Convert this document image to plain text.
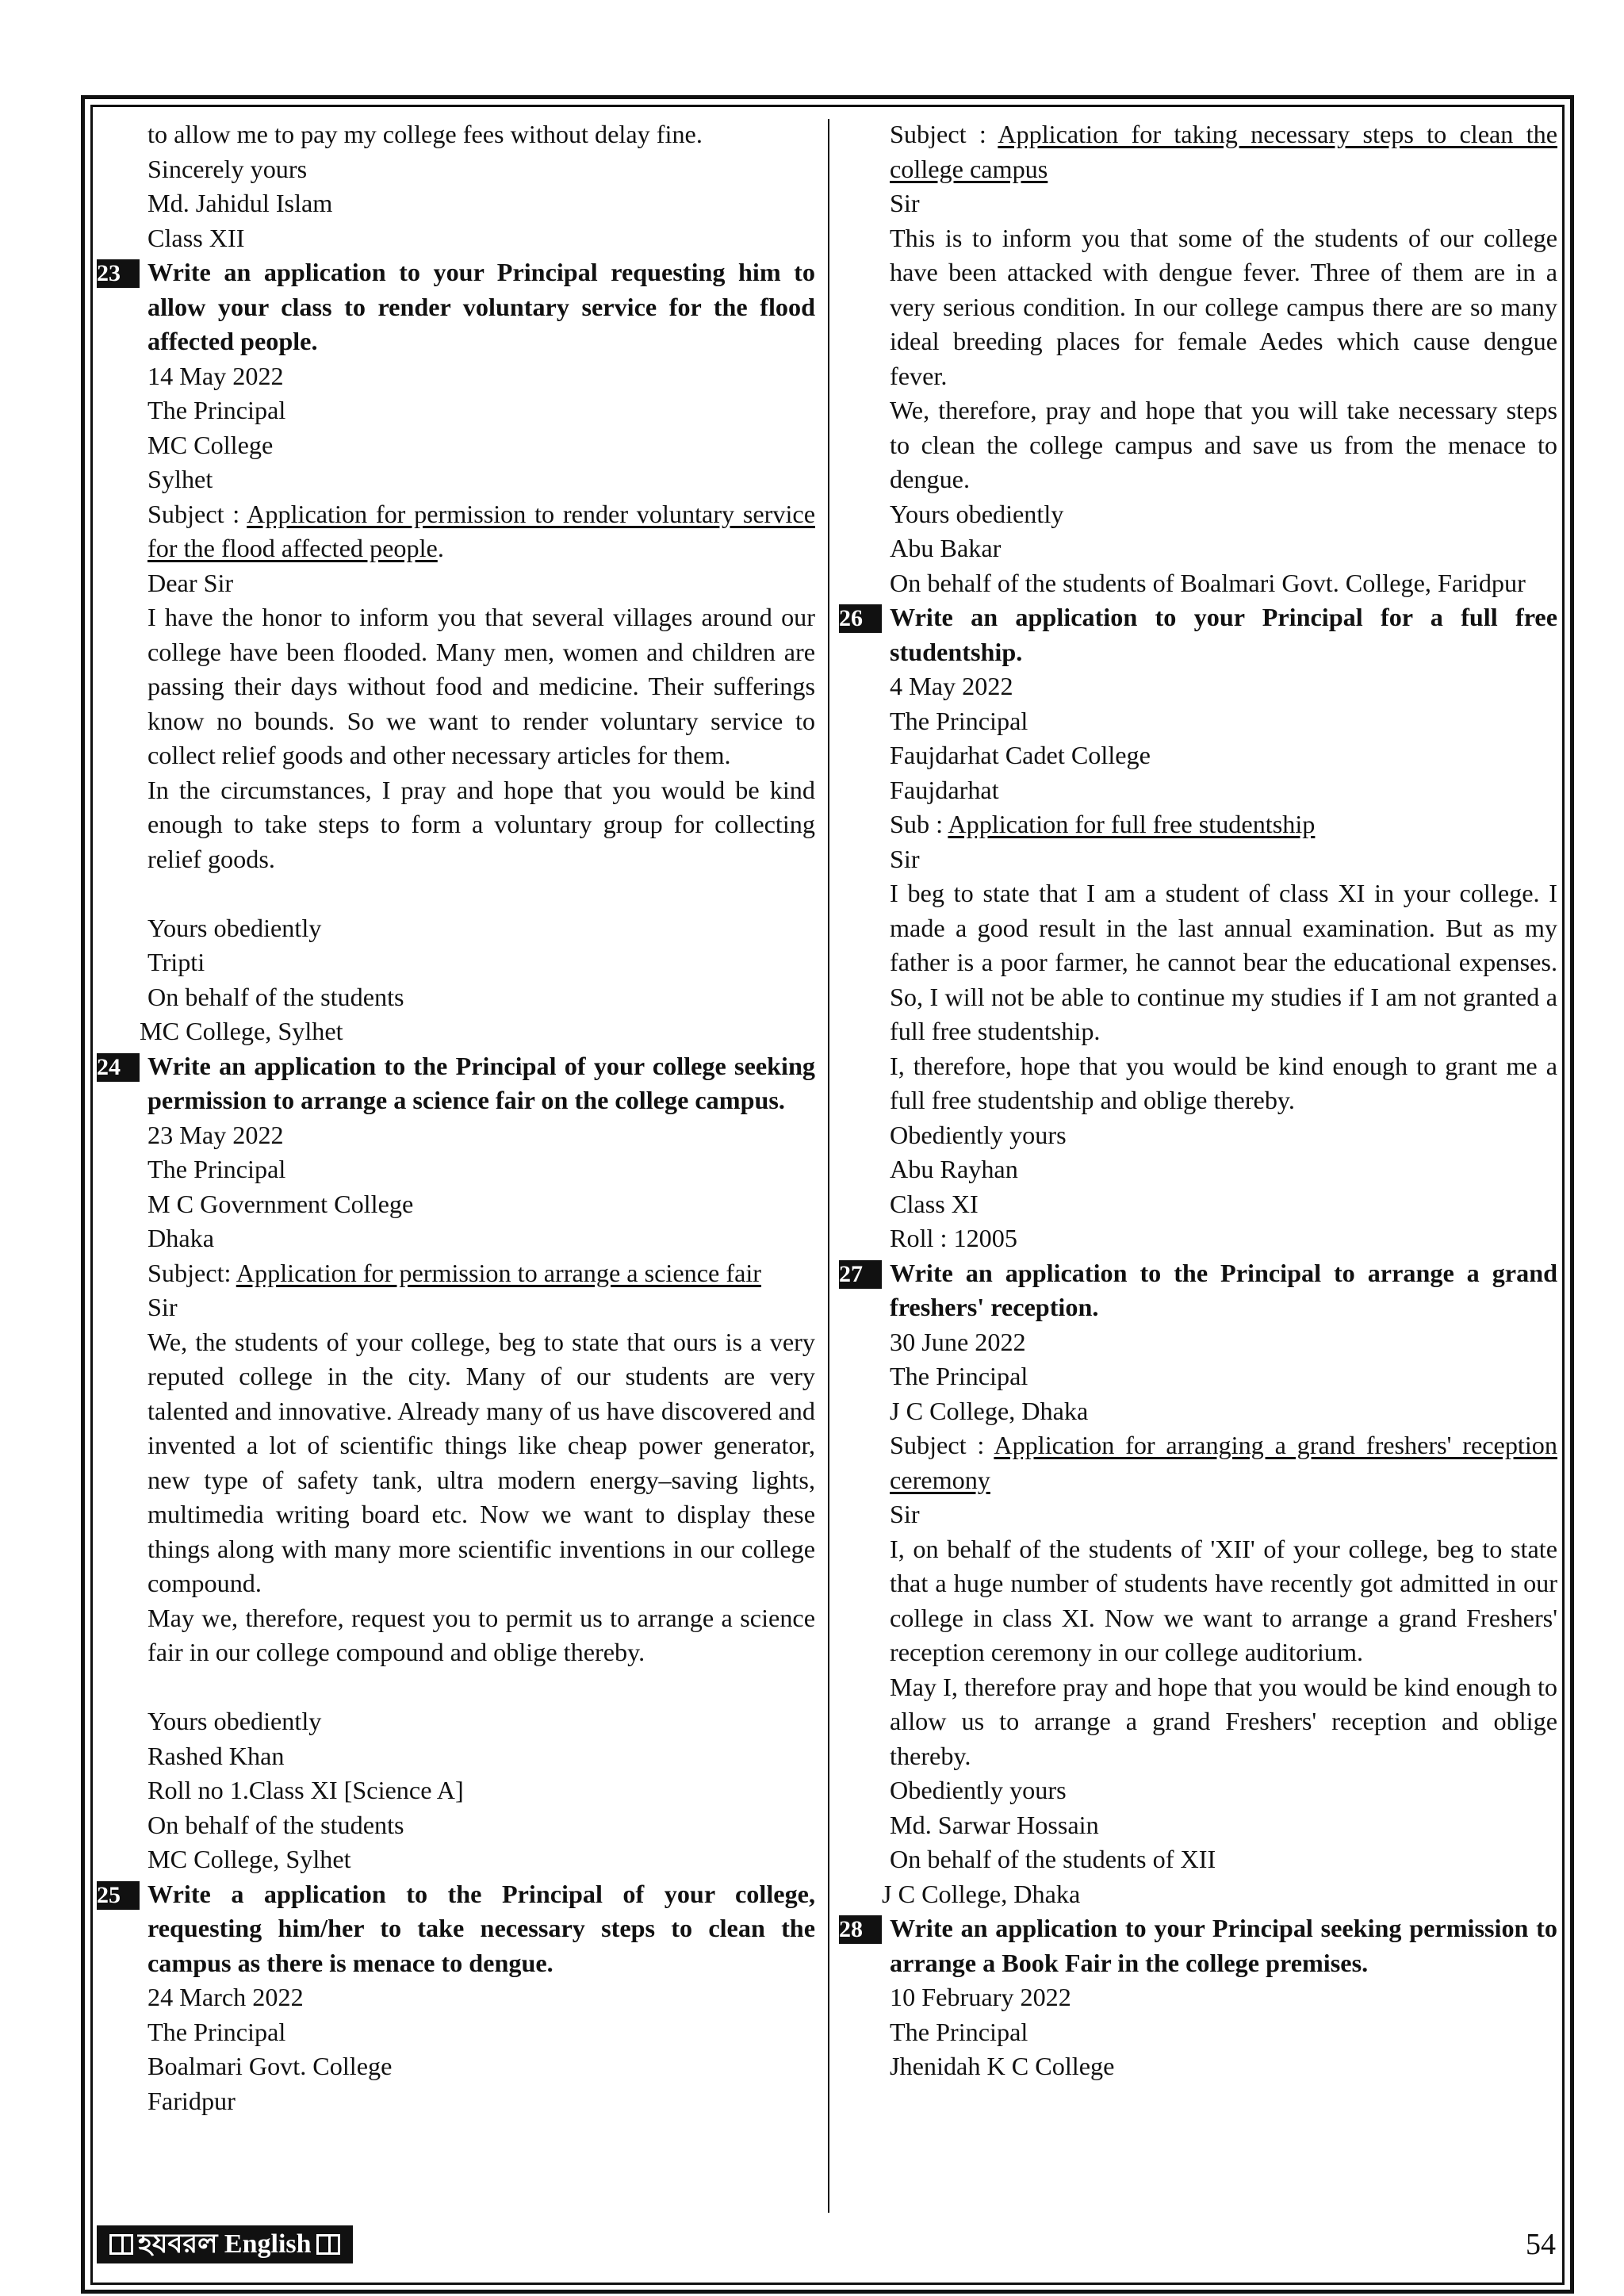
to allow me to pay my college fees without delay fine.
Sincerely yours
Md. Jahidul Islam
Class XII
23	Write an application to your Principal requesting him to allow your class to render voluntary service for the flood affected people.
14 May 2022
The Principal
MC College
Sylhet
Subject : Application for permission to render voluntary service for the flood affected people.
Dear Sir
I have the honor to inform you that several villages around our college have been flooded. Many men, women and children are passing their days without food and medicine. Their sufferings know no bounds. So we want to render voluntary service to collect relief goods and other necessary articles for them.
In the circumstances, I pray and hope that you would be kind enough to take steps to form a voluntary group for collecting relief goods.
Yours obediently
Tripti
On behalf of the students
MC College, Sylhet
24	Write an application to the Principal of your college seeking permission to arrange a science fair on the college campus.
23 May 2022
The Principal
M C Government College
Dhaka
Subject: Application for permission to arrange a science fair
Sir
We, the students of your college, beg to state that ours is a very reputed college in the city. Many of our students are very talented and innovative. Already many of us have discovered and invented a lot of scientific things like cheap power generator, new type of safety tank, ultra modern energy–saving lights, multimedia writing board etc. Now we want to display these things along with many more scientific inventions in our college compound.
May we, therefore, request you to permit us to arrange a science fair in our college compound and oblige thereby.
Yours obediently
Rashed Khan
Roll no 1.Class XI [Science A]
On behalf of the students
MC College, Sylhet
25	Write a application to the Principal of your college, requesting him/her to take necessary steps to clean the campus as there is menace to dengue.
24 March 2022
The Principal
Boalmari Govt. College
Faridpur
Subject : Application for taking necessary steps to clean the college campus
Sir
This is to inform you that some of the students of our college have been attacked with dengue fever. Three of them are in a very serious condition. In our college campus there are so many ideal breeding places for female Aedes which cause dengue fever.
We, therefore, pray and hope that you will take necessary steps to clean the college campus and save us from the menace to dengue.
Yours obediently
Abu Bakar
On behalf of the students of Boalmari Govt. College, Faridpur
26	Write an application to your Principal for a full free studentship.
4 May 2022
The Principal
Faujdarhat Cadet College
Faujdarhat
Sub : Application for full free studentship
Sir
I beg to state that I am a student of class XI in your college. I made a good result in the last annual examination. But as my father is a poor farmer, he cannot bear the educational expenses. So, I will not be able to continue my studies if I am not granted a full free studentship.
I, therefore, hope that you would be kind enough to grant me a full free studentship and oblige thereby.
Obediently yours
Abu Rayhan
Class XI
Roll : 12005
27	Write an application to the Principal to arrange a grand freshers' reception.
30 June 2022
The Principal
J C College, Dhaka
Subject : Application for arranging a grand freshers' reception ceremony
Sir
I, on behalf of the students of 'XII' of your college, beg to state that a huge number of students have recently got admitted in our college in class XI. Now we want to arrange a grand Freshers' reception ceremony in our college auditorium.
May I, therefore pray and hope that you would be kind enough to allow us to arrange a grand Freshers' reception and oblige thereby.
Obediently yours
Md. Sarwar Hossain
On behalf of the students of XII
J C College, Dhaka
28	Write an application to your Principal seeking permission to arrange a Book Fair in the college premises.
10 February 2022
The Principal
Jhenidah K C College
হযবরল English	54
